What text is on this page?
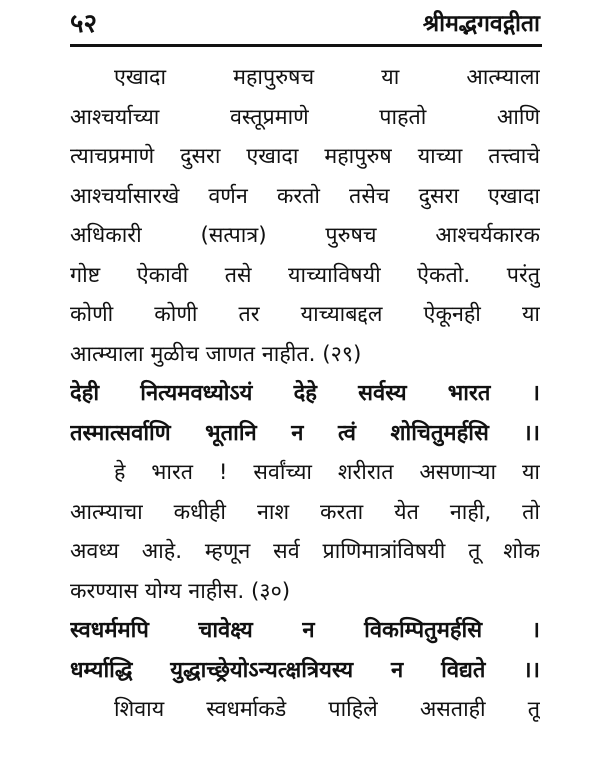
५२	श्रीमद्भगवद्गीता
एखादा महापुरुषच या आत्म्याला
आश्चर्याच्या वस्तूप्रमाणे पाहतो आणि
त्याचप्रमाणे दुसरा एखादा महापुरुष याच्या तत्त्वाचे
आश्चर्यासारखे वर्णन करतो तसेच दुसरा एखादा
अधिकारी (सत्पात्र) पुरुषच आश्चर्यकारक
गोष्ट ऐकावी तसे याच्याविषयी ऐकतो. परंतु
कोणी कोणी तर याच्याबद्दल ऐकूनही या
आत्म्याला मुळीच जाणत नाहीत. (२९)
देही नित्यमवध्योऽयं देहे सर्वस्य भारत ।
तस्मात्सर्वाणि भूतानि न त्वं शोचितुमर्हसि ।।
हे भारत ! सर्वांच्या शरीरात असणाऱ्या या
आत्म्याचा कधीही नाश करता येत नाही, तो
अवध्य आहे. म्हणून सर्व प्राणिमात्रांविषयी तू शोक
करण्यास योग्य नाहीस. (३०)
स्वधर्ममपि चावेक्ष्य न विकम्पितुमर्हसि ।
धर्म्याद्धि युद्धाच्छ्रेयोऽन्यत्क्षत्रियस्य न विद्यते ।।
शिवाय स्वधर्माकडे पाहिले असताही तू
